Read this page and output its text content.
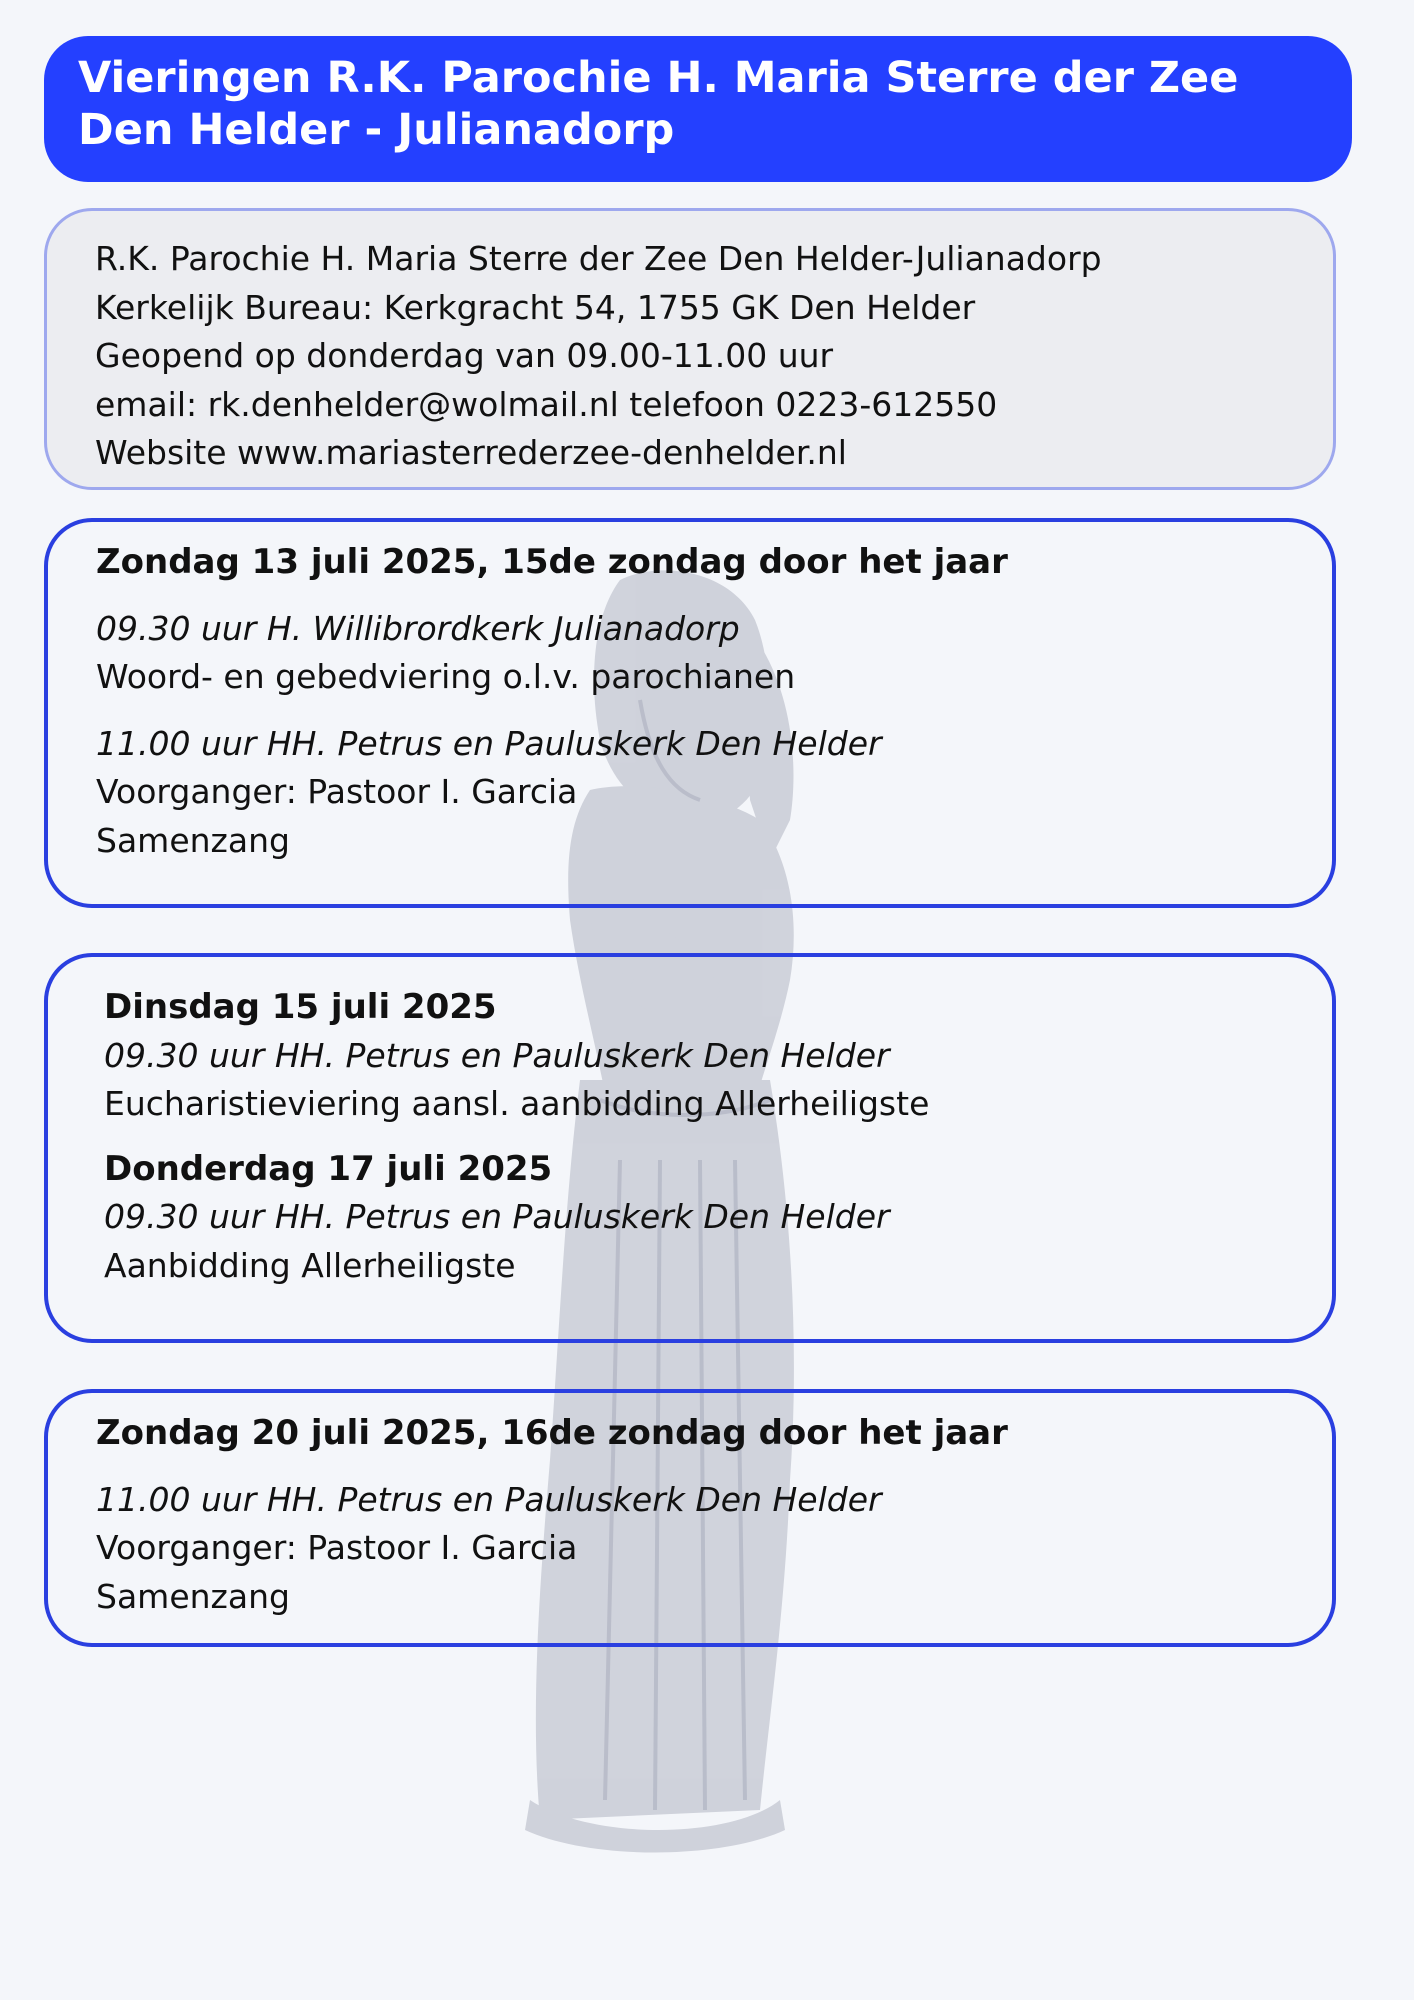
Vieringen R.K. Parochie H. Maria Sterre der Zee
Den Helder - Julianadorp
R.K. Parochie H. Maria Sterre der Zee Den Helder-Julianadorp
Kerkelijk Bureau: Kerkgracht 54, 1755 GK Den Helder
Geopend op donderdag van 09.00-11.00 uur
email: rk.denhelder@wolmail.nl telefoon 0223-612550
Website www.mariasterrederzee-denhelder.nl
Zondag 13 juli 2025, 15de zondag door het jaar
09.30 uur H. Willibrordkerk Julianadorp
Woord- en gebedviering o.l.v. parochianen
11.00 uur HH. Petrus en Pauluskerk Den Helder
Voorganger: Pastoor I. Garcia
Samenzang
Dinsdag 15 juli 2025
09.30 uur HH. Petrus en Pauluskerk Den Helder
Eucharistieviering aansl. aanbidding Allerheiligste
Donderdag 17 juli 2025
09.30 uur HH. Petrus en Pauluskerk Den Helder
Aanbidding Allerheiligste
Zondag 20 juli 2025, 16de zondag door het jaar
11.00 uur HH. Petrus en Pauluskerk Den Helder
Voorganger: Pastoor I. Garcia
Samenzang
